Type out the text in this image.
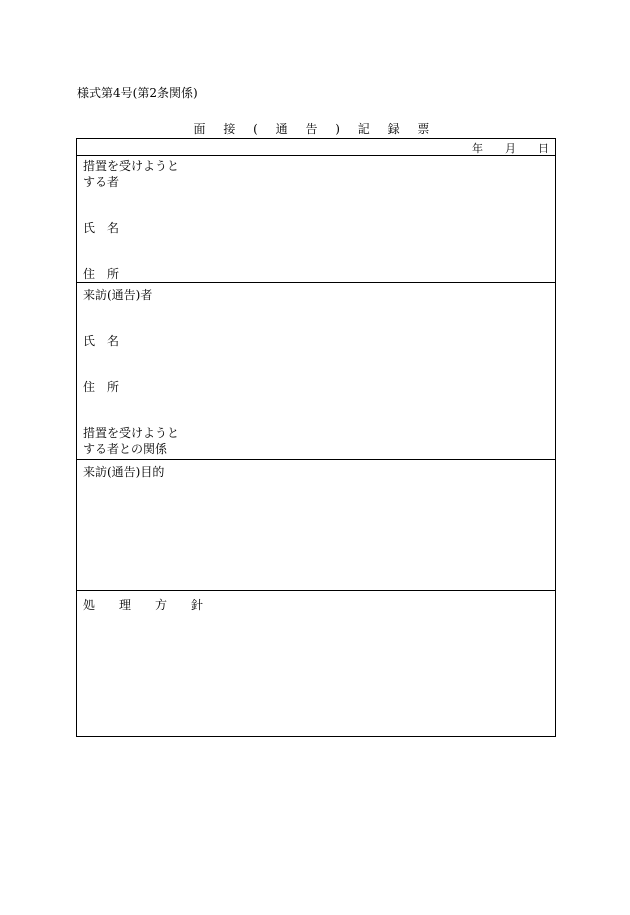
様式第4号(第2条関係)
面 接 ( 通 告 ) 記 録 票
年　　月　　日
措置を受けようと
する者
氏　名
住　所
来訪(通告)者
氏　名
住　所
措置を受けようと
する者との関係
来訪(通告)目的
処　　理　　方　　針
